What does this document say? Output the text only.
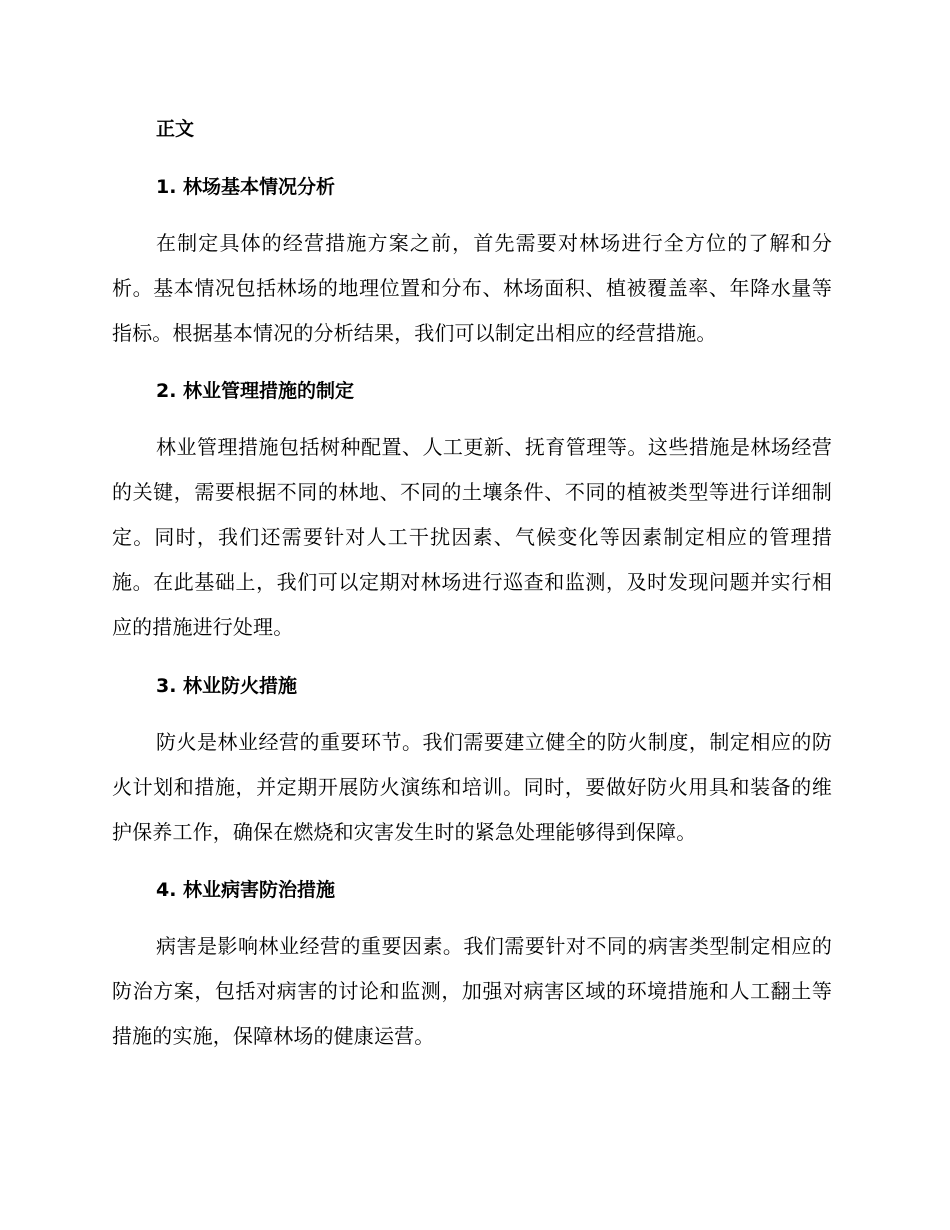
正文
1. 林场基本情况分析
在制定具体的经营措施方案之前，首先需要对林场进行全方位的了解和分析。基本情况包括林场的地理位置和分布、林场面积、植被覆盖率、年降水量等指标。根据基本情况的分析结果，我们可以制定出相应的经营措施。
2. 林业管理措施的制定
林业管理措施包括树种配置、人工更新、抚育管理等。这些措施是林场经营的关键，需要根据不同的林地、不同的土壤条件、不同的植被类型等进行详细制定。同时，我们还需要针对人工干扰因素、气候变化等因素制定相应的管理措施。在此基础上，我们可以定期对林场进行巡查和监测，及时发现问题并实行相应的措施进行处理。
3. 林业防火措施
防火是林业经营的重要环节。我们需要建立健全的防火制度，制定相应的防火计划和措施，并定期开展防火演练和培训。同时，要做好防火用具和装备的维护保养工作，确保在燃烧和灾害发生时的紧急处理能够得到保障。
4. 林业病害防治措施
病害是影响林业经营的重要因素。我们需要针对不同的病害类型制定相应的防治方案，包括对病害的讨论和监测，加强对病害区域的环境措施和人工翻土等措施的实施，保障林场的健康运营。
